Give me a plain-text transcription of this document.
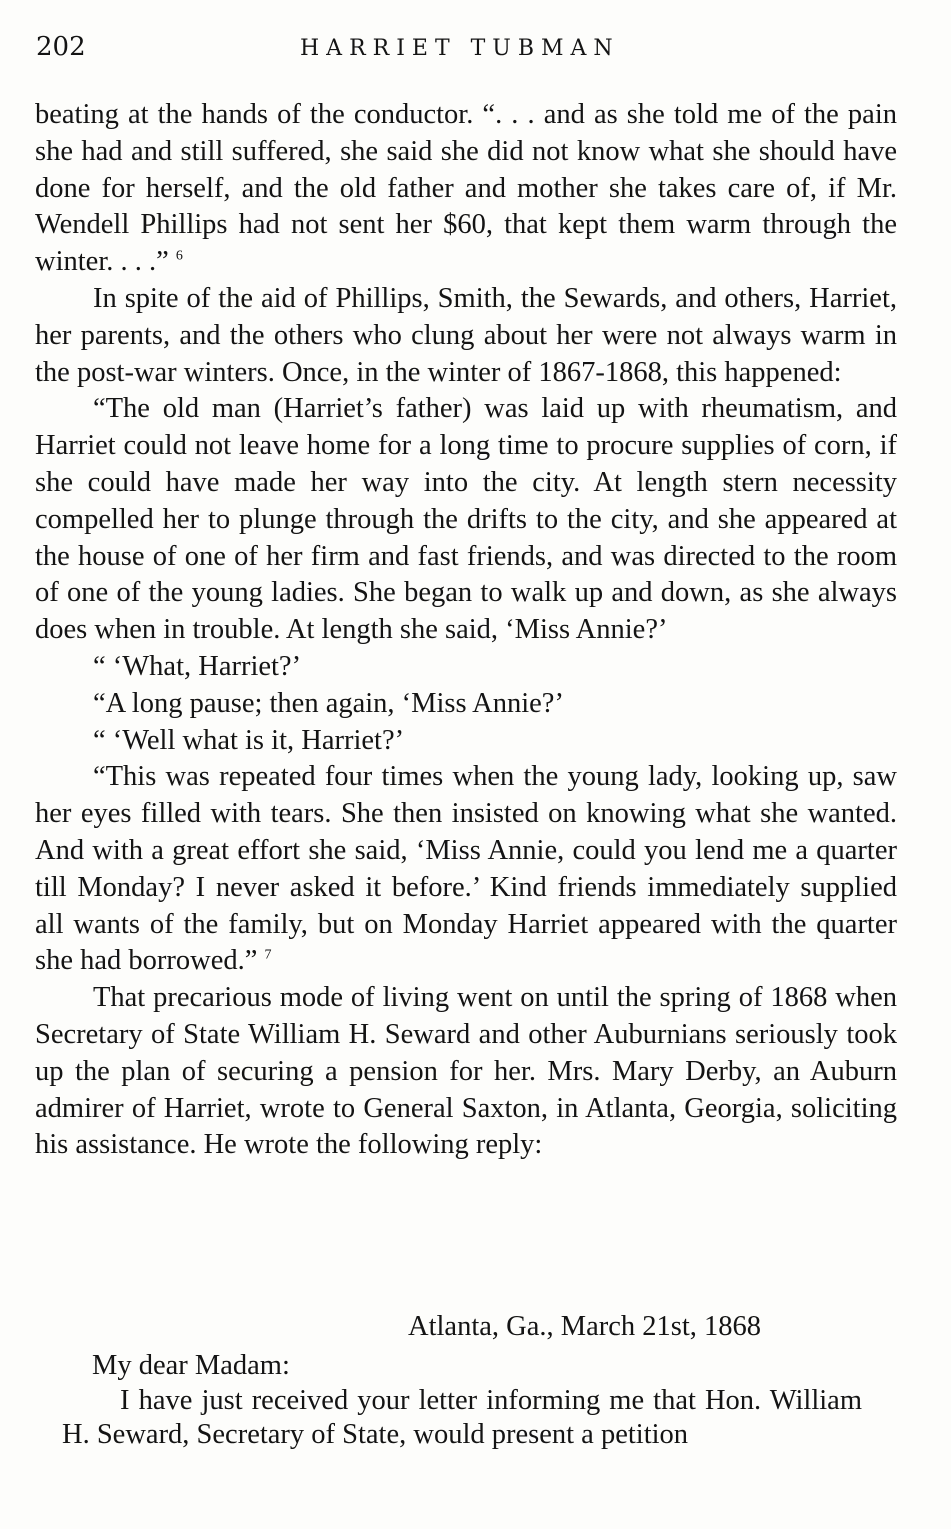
202	HARRIET TUBMAN

beating at the hands of the conductor. “. . . and as she told me of the pain she had and still suffered, she said she did not know what she should have done for herself, and the old father and mother she takes care of, if Mr. Wendell Phillips had not sent her $60, that kept them warm through the winter. . . .” $^6$

In spite of the aid of Phillips, Smith, the Sewards, and others, Harriet, her parents, and the others who clung about her were not always warm in the post-war winters. Once, in the winter of 1867-1868, this happened:

“The old man (Harriet’s father) was laid up with rheumatism, and Harriet could not leave home for a long time to procure supplies of corn, if she could have made her way into the city. At length stern necessity compelled her to plunge through the drifts to the city, and she appeared at the house of one of her firm and fast friends, and was directed to the room of one of the young ladies. She began to walk up and down, as she always does when in trouble. At length she said, ‘Miss Annie?’

“ ‘What, Harriet?’

“A long pause; then again, ‘Miss Annie?’

“ ‘Well what is it, Harriet?’

“This was repeated four times when the young lady, looking up, saw her eyes filled with tears. She then insisted on knowing what she wanted. And with a great effort she said, ‘Miss Annie, could you lend me a quarter till Monday? I never asked it before.’ Kind friends immediately supplied all wants of the family, but on Monday Harriet appeared with the quarter she had borrowed.” $^7$

That precarious mode of living went on until the spring of 1868 when Secretary of State William H. Seward and other Auburnians seriously took up the plan of securing a pension for her. Mrs. Mary Derby, an Auburn admirer of Harriet, wrote to General Saxton, in Atlanta, Georgia, soliciting his assistance. He wrote the following reply:

Atlanta, Ga., March 21st, 1868
My dear Madam:

I have just received your letter informing me that Hon. William H. Seward, Secretary of State, would present a petition
